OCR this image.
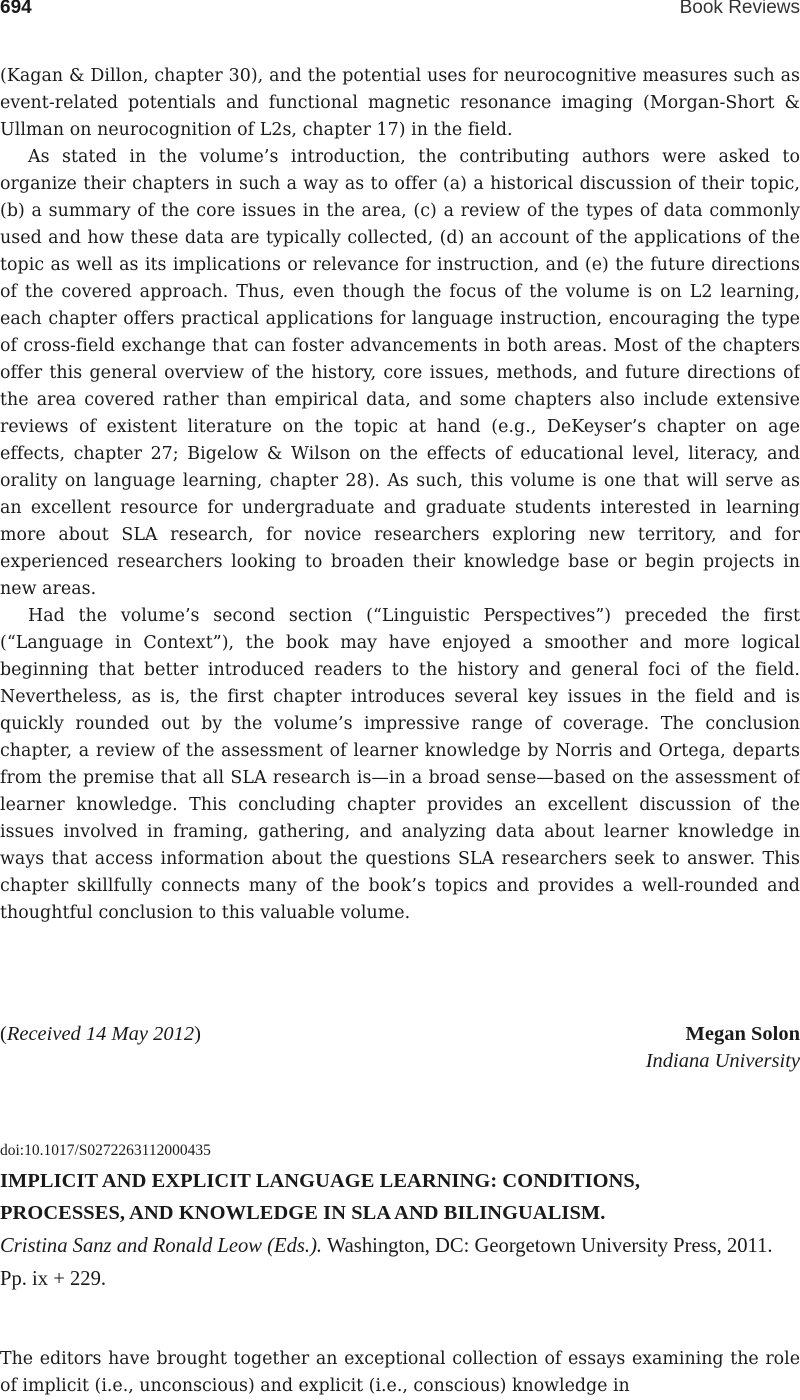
694	Book Reviews

(Kagan & Dillon, chapter 30), and the potential uses for neurocognitive measures such as event-related potentials and functional magnetic resonance imaging (Morgan-Short & Ullman on neurocognition of L2s, chapter 17) in the field.

As stated in the volume’s introduction, the contributing authors were asked to organize their chapters in such a way as to offer (a) a historical discussion of their topic, (b) a summary of the core issues in the area, (c) a review of the types of data commonly used and how these data are typically collected, (d) an account of the applications of the topic as well as its implications or relevance for instruction, and (e) the future directions of the covered approach. Thus, even though the focus of the volume is on L2 learning, each chapter offers practical applications for language instruction, encouraging the type of cross-field exchange that can foster advancements in both areas. Most of the chapters offer this general overview of the history, core issues, methods, and future directions of the area covered rather than empirical data, and some chapters also include extensive reviews of existent literature on the topic at hand (e.g., DeKeyser’s chapter on age effects, chapter 27; Bigelow & Wilson on the effects of educational level, literacy, and orality on language learning, chapter 28). As such, this volume is one that will serve as an excellent resource for undergraduate and graduate students interested in learning more about SLA research, for novice researchers exploring new territory, and for experienced researchers looking to broaden their knowledge base or begin projects in new areas.

Had the volume’s second section (“Linguistic Perspectives”) preceded the first (“Language in Context”), the book may have enjoyed a smoother and more logical beginning that better introduced readers to the history and general foci of the field. Nevertheless, as is, the first chapter introduces several key issues in the field and is quickly rounded out by the volume’s impressive range of coverage. The conclusion chapter, a review of the assessment of learner knowledge by Norris and Ortega, departs from the premise that all SLA research is—in a broad sense—based on the assessment of learner knowledge. This concluding chapter provides an excellent discussion of the issues involved in framing, gathering, and analyzing data about learner knowledge in ways that access information about the questions SLA researchers seek to answer. This chapter skillfully connects many of the book’s topics and provides a well-rounded and thoughtful conclusion to this valuable volume.

(Received 14 May 2012)	Megan Solon
Indiana University
doi:10.1017/S0272263112000435
IMPLICIT AND EXPLICIT LANGUAGE LEARNING: CONDITIONS,
PROCESSES, AND KNOWLEDGE IN SLA AND BILINGUALISM.
Cristina Sanz and Ronald Leow (Eds.). Washington, DC: Georgetown University Press, 2011. Pp. ix + 229.

The editors have brought together an exceptional collection of essays examining the role of implicit (i.e., unconscious) and explicit (i.e., conscious) knowledge in
